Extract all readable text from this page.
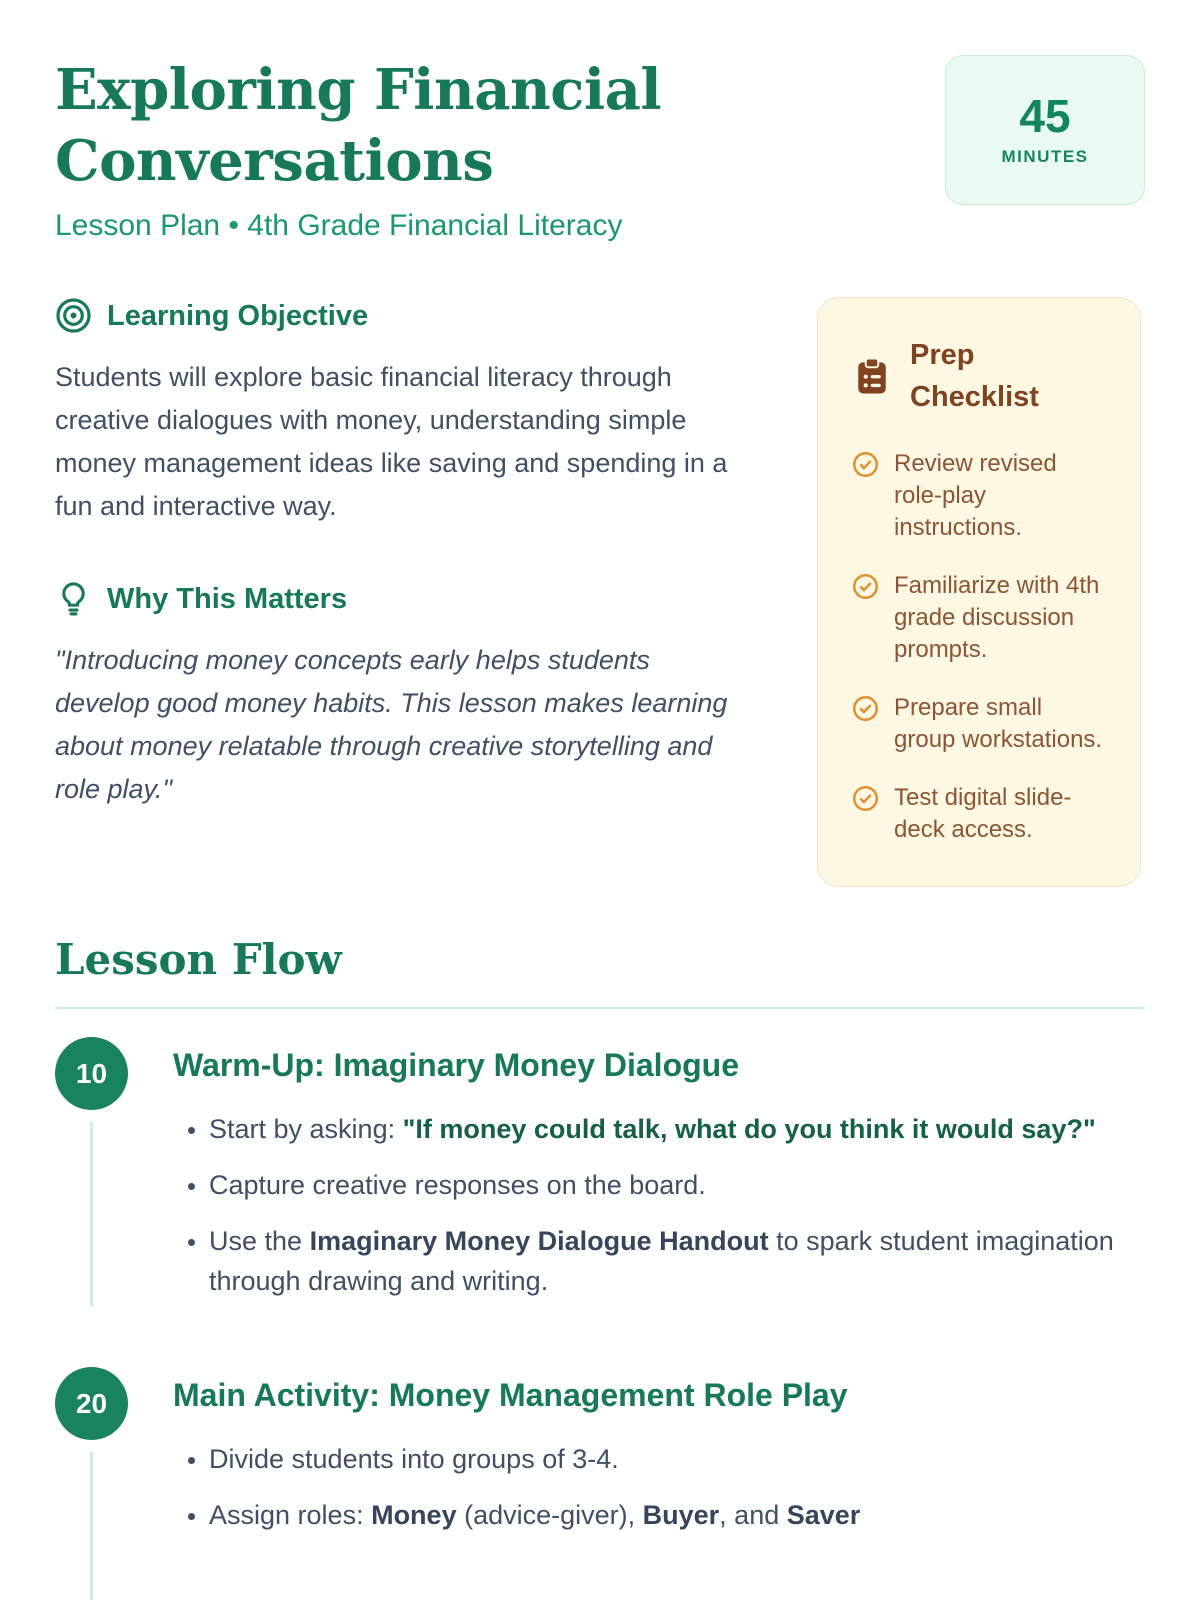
Exploring Financial Conversations
Lesson Plan • 4th Grade Financial Literacy
45
MINUTES
Learning Objective

Students will explore basic financial literacy through creative dialogues with money, understanding simple money management ideas like saving and spending in a fun and interactive way.

Why This Matters

"Introducing money concepts early helps students develop good money habits. This lesson makes learning about money relatable through creative storytelling and role play."

Prep Checklist
Review revised role-play instructions.
Familiarize with 4th grade discussion prompts.
Prepare small group workstations.
Test digital slide-deck access.
Lesson Flow
10 Warm-Up: Imaginary Money Dialogue
• Start by asking: "If money could talk, what do you think it would say?"
• Capture creative responses on the board.
• Use the Imaginary Money Dialogue Handout to spark student imagination through drawing and writing.
20 Main Activity: Money Management Role Play
• Divide students into groups of 3-4.
• Assign roles: Money (advice-giver), Buyer, and Saver
